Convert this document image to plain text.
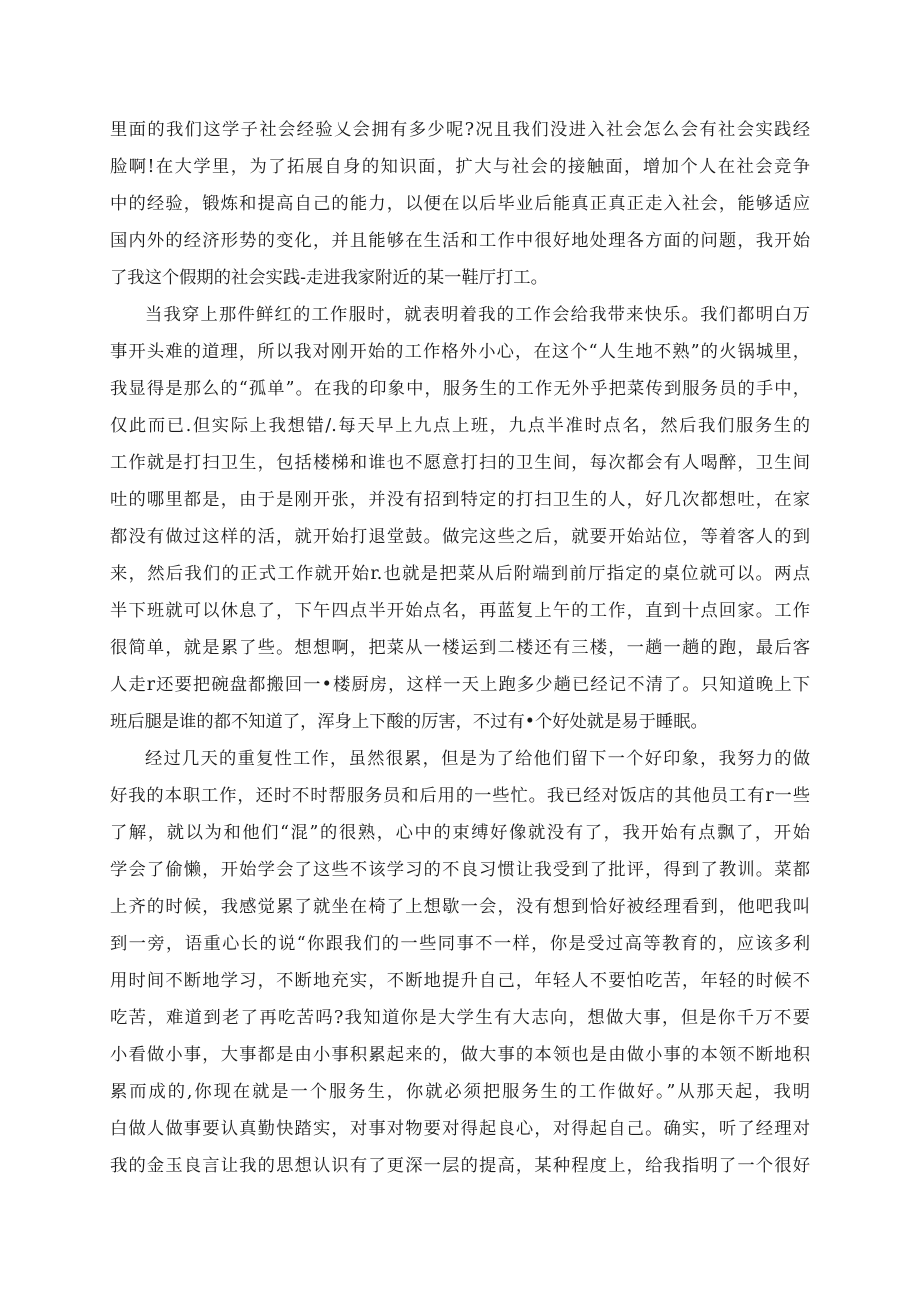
里面的我们这学子社会经验乂会拥有多少呢?况且我们没进入社会怎么会有社会实践经
脸啊!在大学里，为了拓展自身的知识面，扩大与社会的接触面，增加个人在社会竞争
中的经验，锻炼和提高自己的能力，以便在以后毕业后能真正真正走入社会，能够适应
国内外的经济形势的变化，并且能够在生活和工作中很好地处理各方面的问题，我开始
了我这个假期的社会实践-走进我家附近的某一鞋厅打工。
当我穿上那件鲜红的工作服时，就表明着我的工作会给我带来快乐。我们都明白万
事开头难的道理，所以我对刚开始的工作格外小心，在这个“人生地不熟”的火锅城里，
我显得是那么的“孤单”。在我的印象中，服务生的工作无外乎把菜传到服务员的手中，
仅此而已.但实际上我想错/.每天早上九点上班，九点半准时点名，然后我们服务生的
工作就是打扫卫生，包括楼梯和谁也不愿意打扫的卫生间，每次都会有人喝醉，卫生间
吐的哪里都是，由于是刚开张，并没有招到特定的打扫卫生的人，好几次都想吐，在家
都没有做过这样的活，就开始打退堂鼓。做完这些之后，就要开始站位，等着客人的到
来，然后我们的正式工作就开始r.也就是把菜从后附端到前厅指定的桌位就可以。两点
半下班就可以休息了，下午四点半开始点名，再蓝复上午的工作，直到十点回家。工作
很简单，就是累了些。想想啊，把菜从一楼运到二楼还有三楼，一趟一趟的跑，最后客
人走r还要把碗盘都搬回一•楼厨房，这样一天上跑多少趟已经记不清了。只知道晚上下
班后腿是谁的都不知道了，浑身上下酸的厉害，不过有•个好处就是易于睡眠。
经过几天的重复性工作，虽然很累，但是为了给他们留下一个好印象，我努力的做
好我的本职工作，还时不时帮服务员和后用的一些忙。我已经对饭店的其他员工有r一些
了解，就以为和他们“混”的很熟，心中的束缚好像就没有了，我开始有点飘了，开始
学会了偷懒，开始学会了这些不该学习的不良习惯让我受到了批评，得到了教训。菜都
上齐的时候，我感觉累了就坐在椅了上想歇一会，没有想到恰好被经理看到，他吧我叫
到一旁，语重心长的说“你跟我们的一些同事不一样，你是受过高等教育的，应该多利
用时间不断地学习，不断地充实，不断地提升自己，年轻人不要怕吃苦，年轻的时候不
吃苦，难道到老了再吃苦吗?我知道你是大学生有大志向，想做大事，但是你千万不要
小看做小事，大事都是由小事积累起来的，做大事的本领也是由做小事的本领不断地积
累而成的,你现在就是一个服务生，你就必须把服务生的工作做好。”从那天起，我明
白做人做事要认真勤快踏实，对事对物要对得起良心，对得起自己。确实，听了经理对
我的金玉良言让我的思想认识有了更深一层的提高，某种程度上，给我指明了一个很好
